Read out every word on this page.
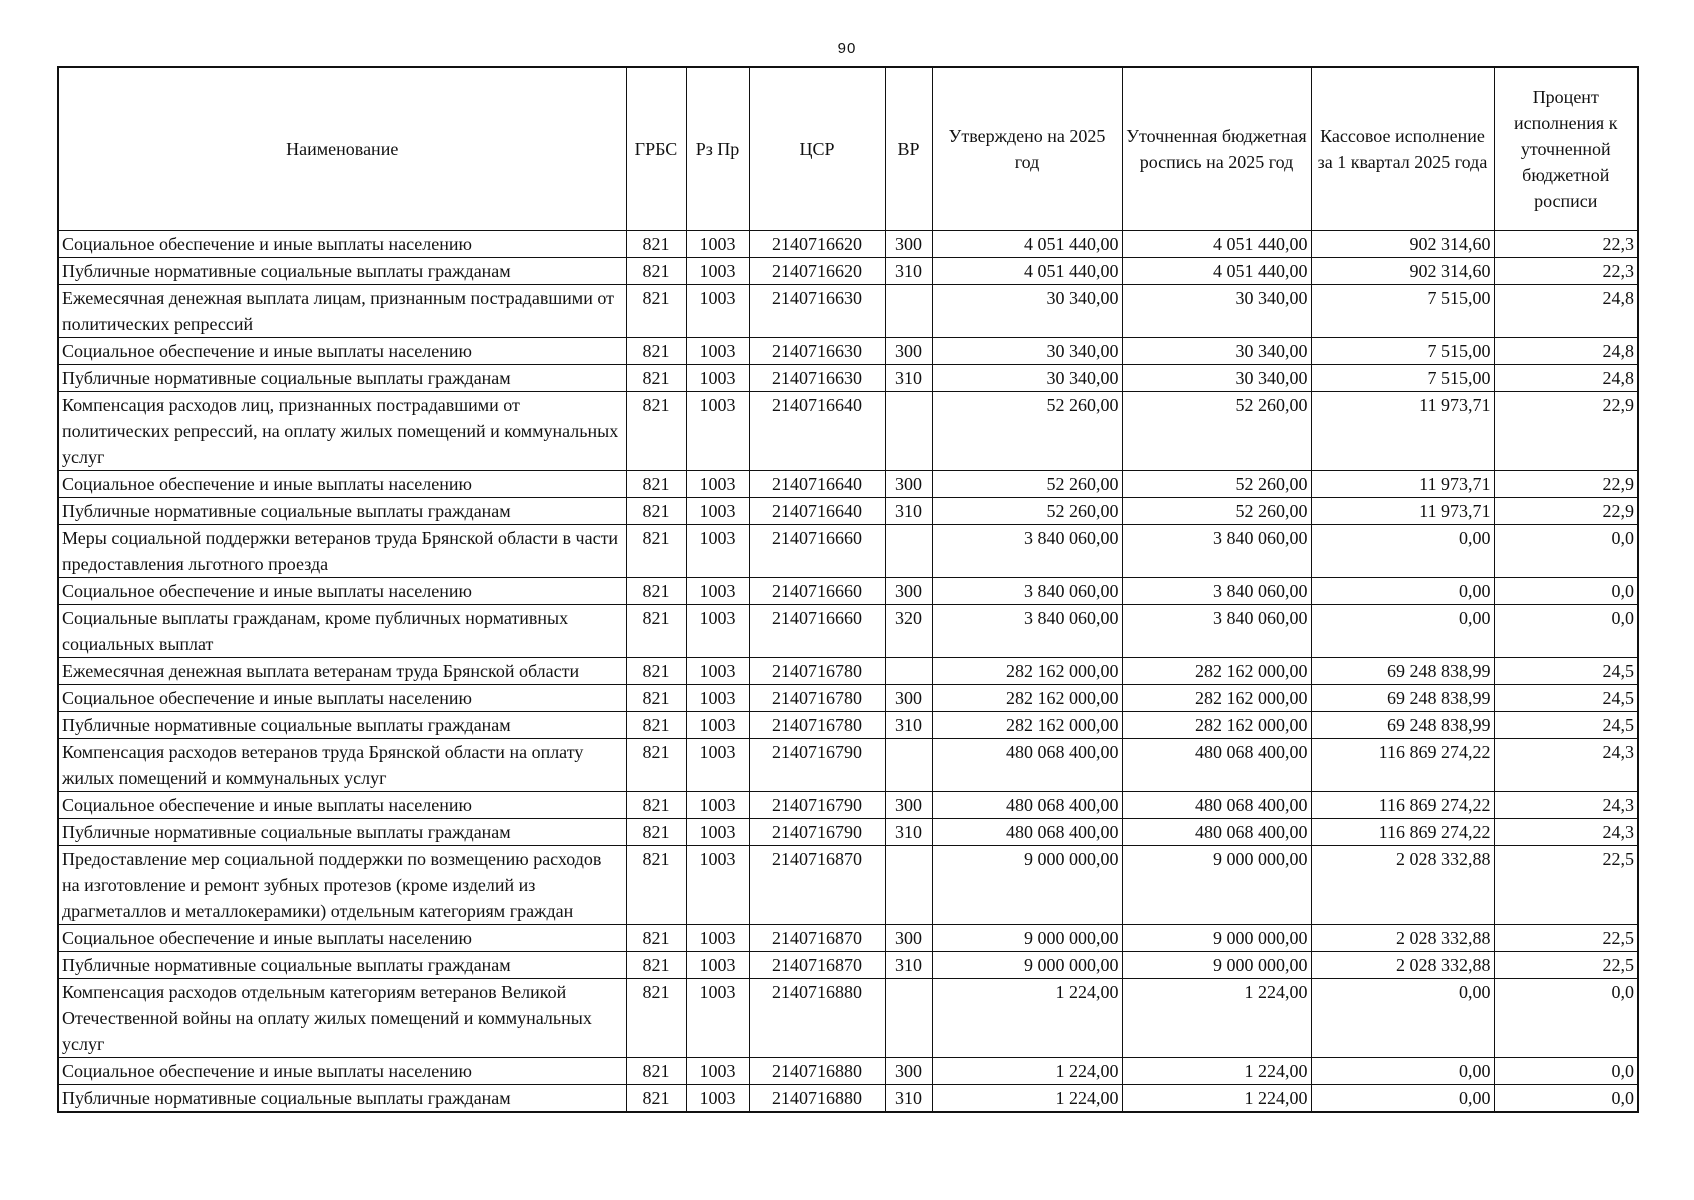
90
Наименование	ГРБС	Рз Пр	ЦСР	ВР	Утверждено на 2025 год	Уточненная бюджетная роспись на 2025 год	Кассовое исполнение за 1 квартал 2025 года	Процент исполнения к уточненной бюджетной росписи
Социальное обеспечение и иные выплаты населению	821	1003	2140716620	300	4 051 440,00	4 051 440,00	902 314,60	22,3
Публичные нормативные социальные выплаты гражданам	821	1003	2140716620	310	4 051 440,00	4 051 440,00	902 314,60	22,3
Ежемесячная денежная выплата лицам, признанным пострадавшими от политических репрессий	821	1003	2140716630		30 340,00	30 340,00	7 515,00	24,8
Социальное обеспечение и иные выплаты населению	821	1003	2140716630	300	30 340,00	30 340,00	7 515,00	24,8
Публичные нормативные социальные выплаты гражданам	821	1003	2140716630	310	30 340,00	30 340,00	7 515,00	24,8
Компенсация расходов лиц, признанных пострадавшими от политических репрессий, на оплату жилых помещений и коммунальных услуг	821	1003	2140716640		52 260,00	52 260,00	11 973,71	22,9
Социальное обеспечение и иные выплаты населению	821	1003	2140716640	300	52 260,00	52 260,00	11 973,71	22,9
Публичные нормативные социальные выплаты гражданам	821	1003	2140716640	310	52 260,00	52 260,00	11 973,71	22,9
Меры социальной поддержки ветеранов труда Брянской области в части предоставления льготного проезда	821	1003	2140716660		3 840 060,00	3 840 060,00	0,00	0,0
Социальное обеспечение и иные выплаты населению	821	1003	2140716660	300	3 840 060,00	3 840 060,00	0,00	0,0
Социальные выплаты гражданам, кроме публичных нормативных социальных выплат	821	1003	2140716660	320	3 840 060,00	3 840 060,00	0,00	0,0
Ежемесячная денежная выплата ветеранам труда Брянской области	821	1003	2140716780		282 162 000,00	282 162 000,00	69 248 838,99	24,5
Социальное обеспечение и иные выплаты населению	821	1003	2140716780	300	282 162 000,00	282 162 000,00	69 248 838,99	24,5
Публичные нормативные социальные выплаты гражданам	821	1003	2140716780	310	282 162 000,00	282 162 000,00	69 248 838,99	24,5
Компенсация расходов ветеранов труда Брянской области на оплату жилых помещений и коммунальных услуг	821	1003	2140716790		480 068 400,00	480 068 400,00	116 869 274,22	24,3
Социальное обеспечение и иные выплаты населению	821	1003	2140716790	300	480 068 400,00	480 068 400,00	116 869 274,22	24,3
Публичные нормативные социальные выплаты гражданам	821	1003	2140716790	310	480 068 400,00	480 068 400,00	116 869 274,22	24,3
Предоставление мер социальной поддержки по возмещению расходов на изготовление и ремонт зубных протезов (кроме изделий из драгметаллов и металлокерамики) отдельным категориям граждан	821	1003	2140716870		9 000 000,00	9 000 000,00	2 028 332,88	22,5
Социальное обеспечение и иные выплаты населению	821	1003	2140716870	300	9 000 000,00	9 000 000,00	2 028 332,88	22,5
Публичные нормативные социальные выплаты гражданам	821	1003	2140716870	310	9 000 000,00	9 000 000,00	2 028 332,88	22,5
Компенсация расходов отдельным категориям ветеранов Великой Отечественной войны на оплату жилых помещений и коммунальных услуг	821	1003	2140716880		1 224,00	1 224,00	0,00	0,0
Социальное обеспечение и иные выплаты населению	821	1003	2140716880	300	1 224,00	1 224,00	0,00	0,0
Публичные нормативные социальные выплаты гражданам	821	1003	2140716880	310	1 224,00	1 224,00	0,00	0,0
